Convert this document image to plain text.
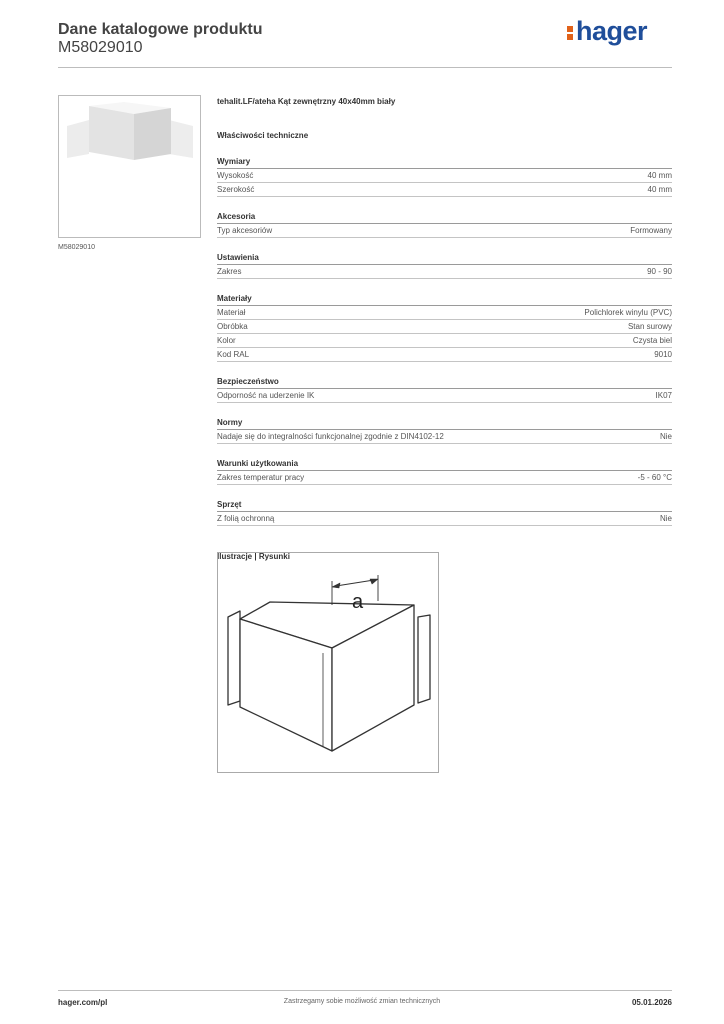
Dane katalogowe produktu
M58029010
hager
M58029010
tehalit.LF/ateha Kąt zewnętrzny 40x40mm biały
Właściwości techniczne
Wymiary
Wysokość	40 mm
Szerokość	40 mm
Akcesoria
Typ akcesoriów	Formowany
Ustawienia
Zakres	90 - 90
Materiały
Materiał	Polichlorek winylu (PVC)
Obróbka	Stan surowy
Kolor	Czysta biel
Kod RAL	9010
Bezpieczeństwo
Odporność na uderzenie IK	IK07
Normy
Nadaje się do integralności funkcjonalnej zgodnie z DIN4102-12	Nie
Warunki użytkowania
Zakres temperatur pracy	-5 - 60 °C
Sprzęt
Z folią ochronną	Nie
Ilustracje | Rysunki
a
hager.com/pl	Zastrzegamy sobie możliwość zmian technicznych	05.01.2026
